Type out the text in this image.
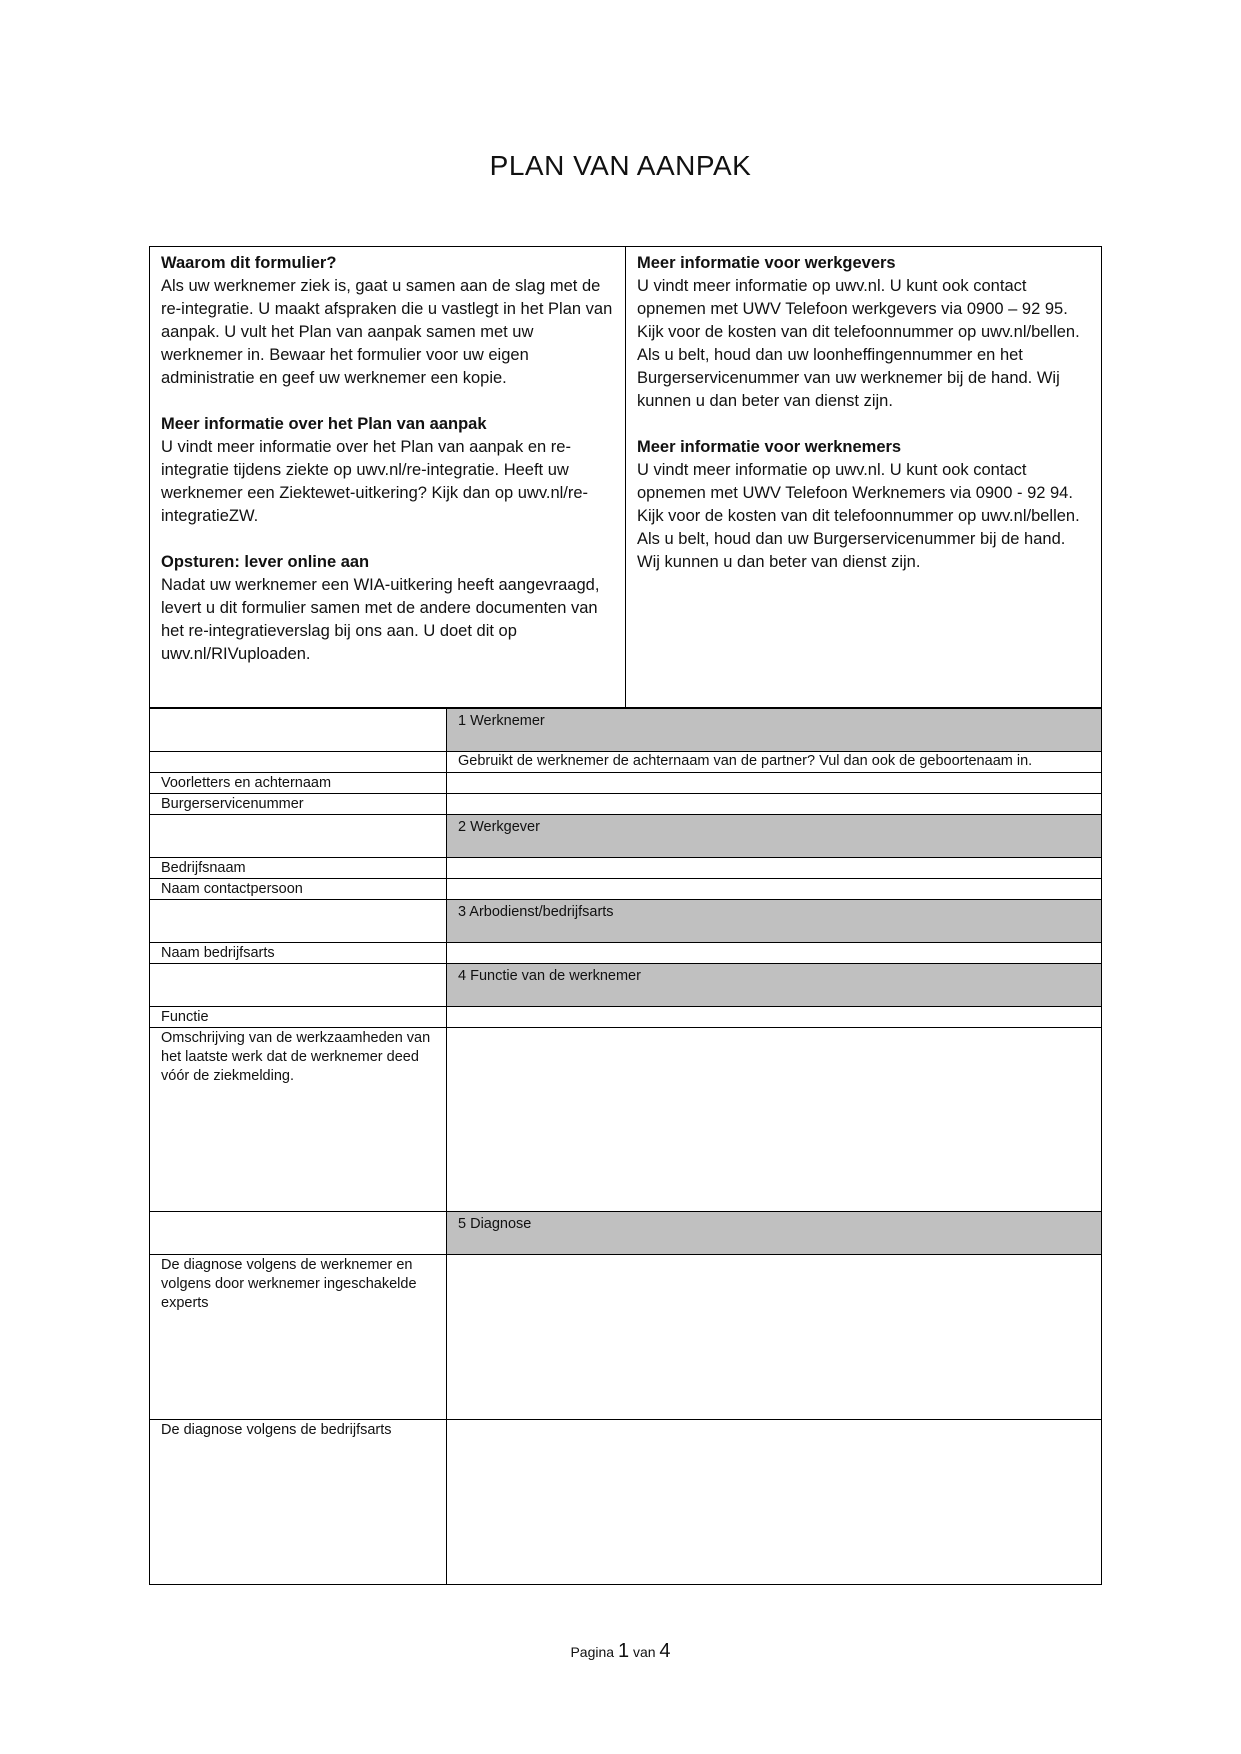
PLAN VAN AANPAK
Waarom dit formulier?

Als uw werknemer ziek is, gaat u samen aan de slag met de re-integratie. U maakt afspraken die u vastlegt in het Plan van aanpak. U vult het Plan van aanpak samen met uw werknemer in. Bewaar het formulier voor uw eigen administratie en geef uw werknemer een kopie.

Meer informatie over het Plan van aanpak

U vindt meer informatie over het Plan van aanpak en re-integratie tijdens ziekte op uwv.nl/re-integratie. Heeft uw werknemer een Ziektewet-uitkering? Kijk dan op uwv.nl/re-integratieZW.

Opsturen: lever online aan

Nadat uw werknemer een WIA-uitkering heeft aangevraagd, levert u dit formulier samen met de andere documenten van het re-integratieverslag bij ons aan. U doet dit op uwv.nl/RIVuploaden.

Meer informatie voor werkgevers

U vindt meer informatie op uwv.nl. U kunt ook contact opnemen met UWV Telefoon werkgevers via 0900 – 92 95. Kijk voor de kosten van dit telefoonnummer op uwv.nl/bellen. Als u belt, houd dan uw loonheffingennummer en het Burgerservicenummer van uw werknemer bij de hand. Wij kunnen u dan beter van dienst zijn.

Meer informatie voor werknemers

U vindt meer informatie op uwv.nl. U kunt ook contact opnemen met UWV Telefoon Werknemers via 0900 - 92 94. Kijk voor de kosten van dit telefoonnummer op uwv.nl/bellen. Als u belt, houd dan uw Burgerservicenummer bij de hand. Wij kunnen u dan beter van dienst zijn.

	1 Werknemer
	Gebruikt de werknemer de achternaam van de partner? Vul dan ook de geboortenaam in.
Voorletters en achternaam	
Burgerservicenummer	
	2 Werkgever
Bedrijfsnaam	
Naam contactpersoon	
	3 Arbodienst/bedrijfsarts
Naam bedrijfsarts	
	4 Functie van de werknemer
Functie	
Omschrijving van de werkzaamheden van het laatste werk dat de werknemer deed vóór de ziekmelding.	
	5 Diagnose
De diagnose volgens de werknemer en volgens door werknemer ingeschakelde experts	
De diagnose volgens de bedrijfsarts	
Pagina 1 van 4
